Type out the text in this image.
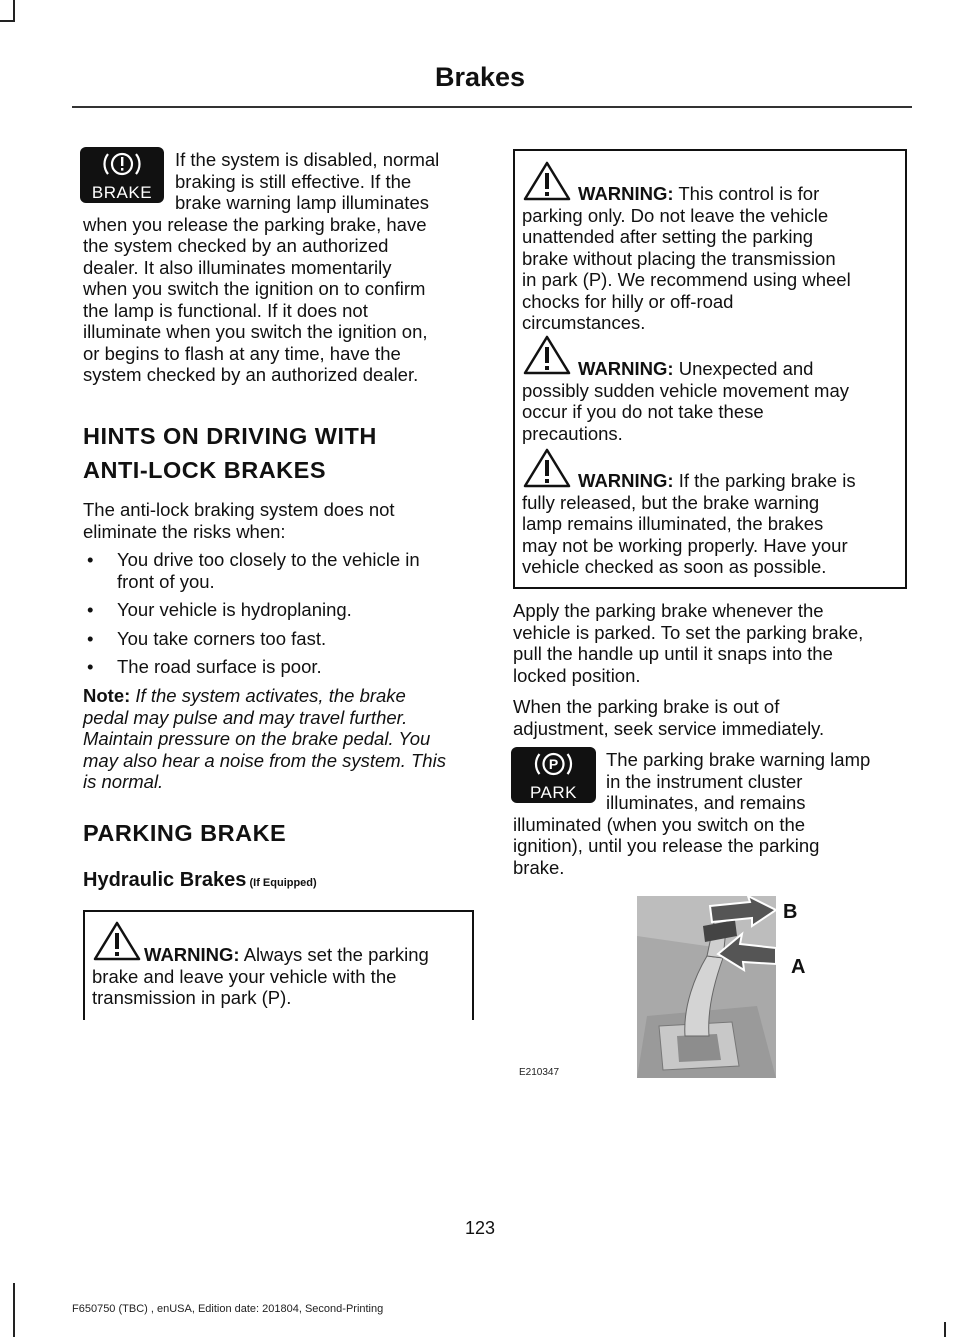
Brakes
BRAKE
If the system is disabled, normal
braking is still effective. If the
brake warning lamp illuminates
when you release the parking brake, have
the system checked by an authorized
dealer. It also illuminates momentarily
when you switch the ignition on to confirm
the lamp is functional. If it does not
illuminate when you switch the ignition on,
or begins to flash at any time, have the
system checked by an authorized dealer.
HINTS ON DRIVING WITH
ANTI-LOCK BRAKES
The anti-lock braking system does not
eliminate the risks when:
• You drive too closely to the vehicle in
front of you.
• Your vehicle is hydroplaning.
• You take corners too fast.
• The road surface is poor.
Note: If the system activates, the brake
pedal may pulse and may travel further.
Maintain pressure on the brake pedal. You
may also hear a noise from the system. This
is normal.
PARKING BRAKE
Hydraulic Brakes (If Equipped)
WARNING: Always set the parking
brake and leave your vehicle with the
transmission in park (P).
WARNING: This control is for
parking only. Do not leave the vehicle
unattended after setting the parking
brake without placing the transmission
in park (P). We recommend using wheel
chocks for hilly or off-road
circumstances.
WARNING: Unexpected and
possibly sudden vehicle movement may
occur if you do not take these
precautions.
WARNING: If the parking brake is
fully released, but the brake warning
lamp remains illuminated, the brakes
may not be working properly. Have your
vehicle checked as soon as possible.
Apply the parking brake whenever the
vehicle is parked. To set the parking brake,
pull the handle up until it snaps into the
locked position.
When the parking brake is out of
adjustment, seek service immediately.
P
PARK
The parking brake warning lamp
in the instrument cluster
illuminates, and remains
illuminated (when you switch on the
ignition), until you release the parking
brake.
B
A
E210347
123
F650750 (TBC) , enUSA, Edition date: 201804, Second-Printing
